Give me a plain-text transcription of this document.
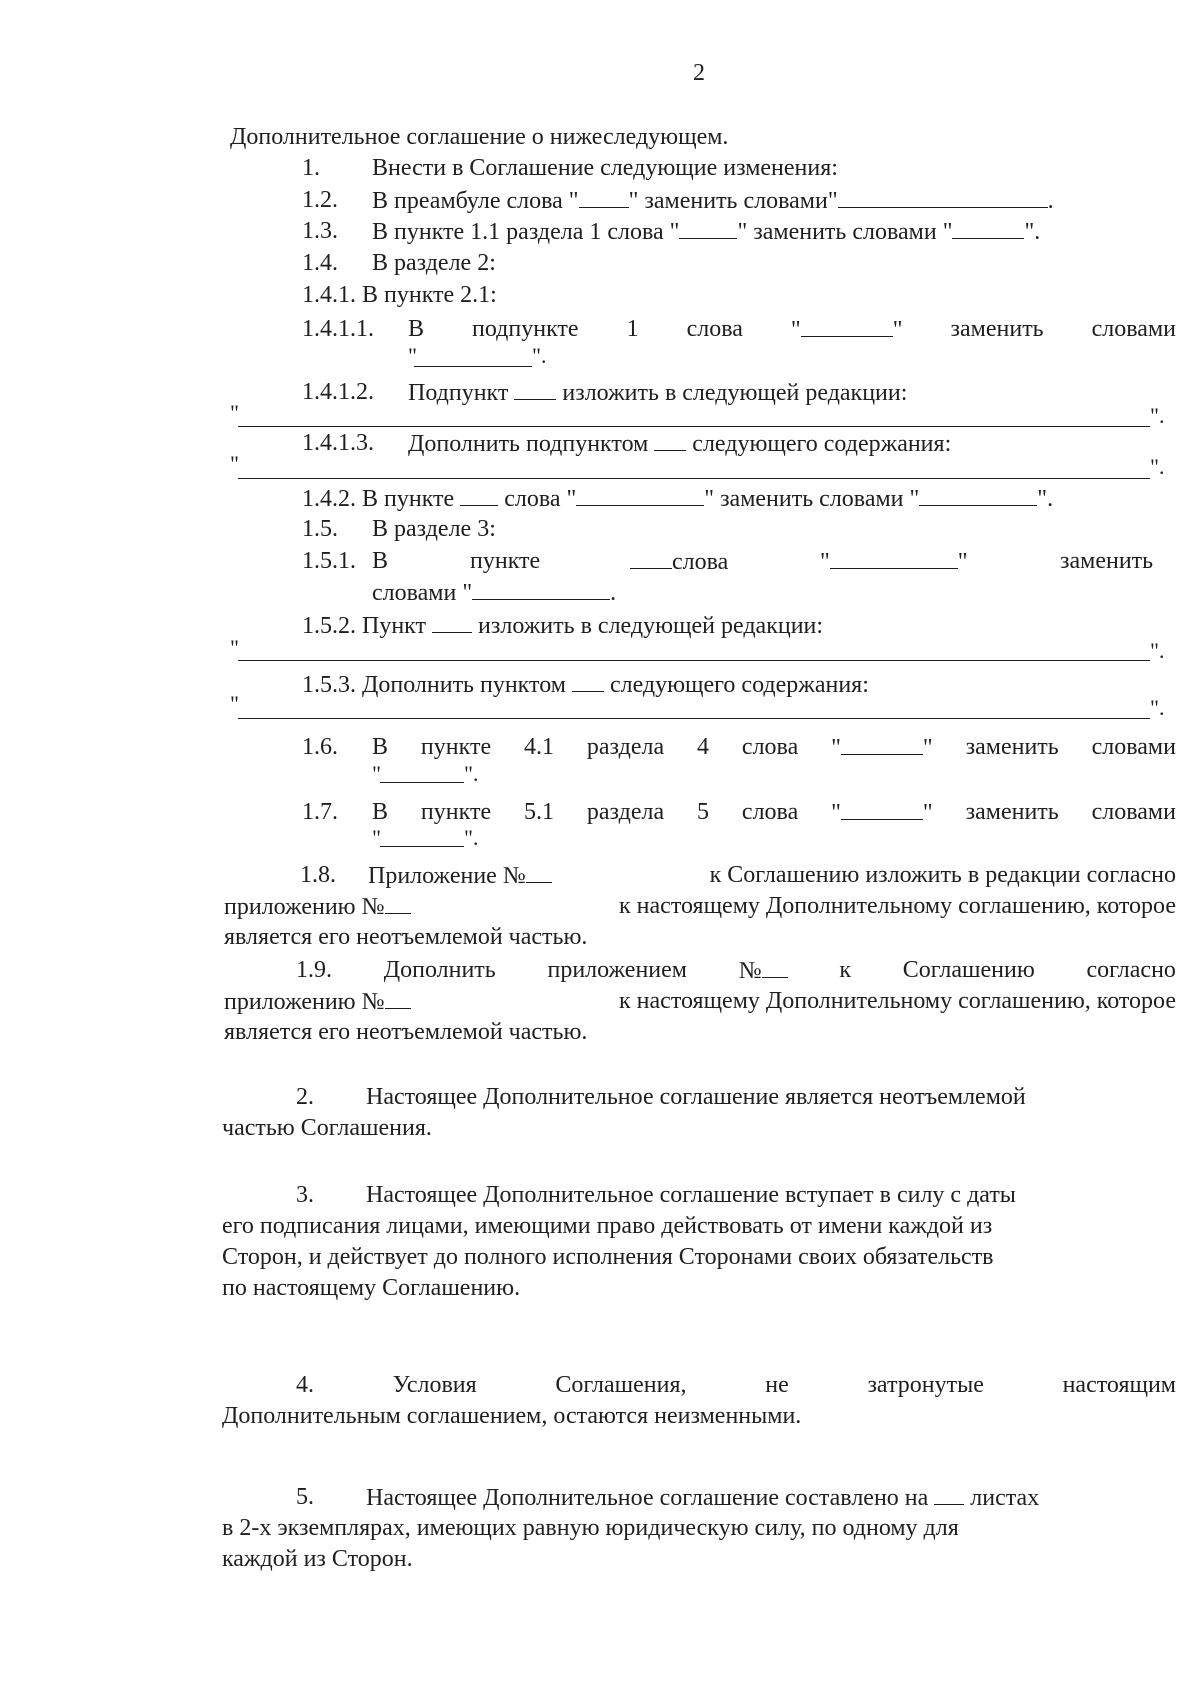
2
Дополнительное соглашение о нижеследующем.
1. Внести в Соглашение следующие изменения:
1.2. В преамбуле слова " " заменить словами"	.
1.3. В пункте 1.1 раздела 1 слова " " заменить словами "	".
1.4. В разделе 2:
1.4.1. В пункте 2.1:
1.4.1.1. В подпункте 1 слова "	" заменить словами
"	".
1.4.1.2. Подпункт изложить в следующей редакции:
"	".
1.4.1.3. Дополнить подпунктом следующего содержания:
"	".
1.4.2. В пункте слова "	" заменить словами "	".
1.5. В разделе 3:
1.5.1. В	пункте	слова	"	"	заменить
словами "	.
1.5.2. Пункт изложить в следующей редакции:
"	".
1.5.3. Дополнить пунктом следующего содержания:
"	".
1.6. В пункте 4.1 раздела 4 слова "	" заменить словами
"	".
1.7. В пункте 5.1 раздела 5 слова "	" заменить словами
"	".
1.8. Приложение №	к Соглашению изложить в редакции согласно
приложению №	к настоящему Дополнительному соглашению, которое
является его неотъемлемой частью.
1.9. Дополнить приложением №	к Соглашению согласно
приложению №	к настоящему Дополнительному соглашению, которое
является его неотъемлемой частью.
2. Настоящее Дополнительное соглашение является неотъемлемой
частью Соглашения.
3. Настоящее Дополнительное соглашение вступает в силу с даты
его подписания лицами, имеющими право действовать от имени каждой из
Сторон, и действует до полного исполнения Сторонами своих обязательств
по настоящему Соглашению.
4.	Условия	Соглашения,	не	затронутые	настоящим
Дополнительным соглашением, остаются неизменными.
5. Настоящее Дополнительное соглашение составлено на листах
в 2-х экземплярах, имеющих равную юридическую силу, по одному для
каждой из Сторон.
